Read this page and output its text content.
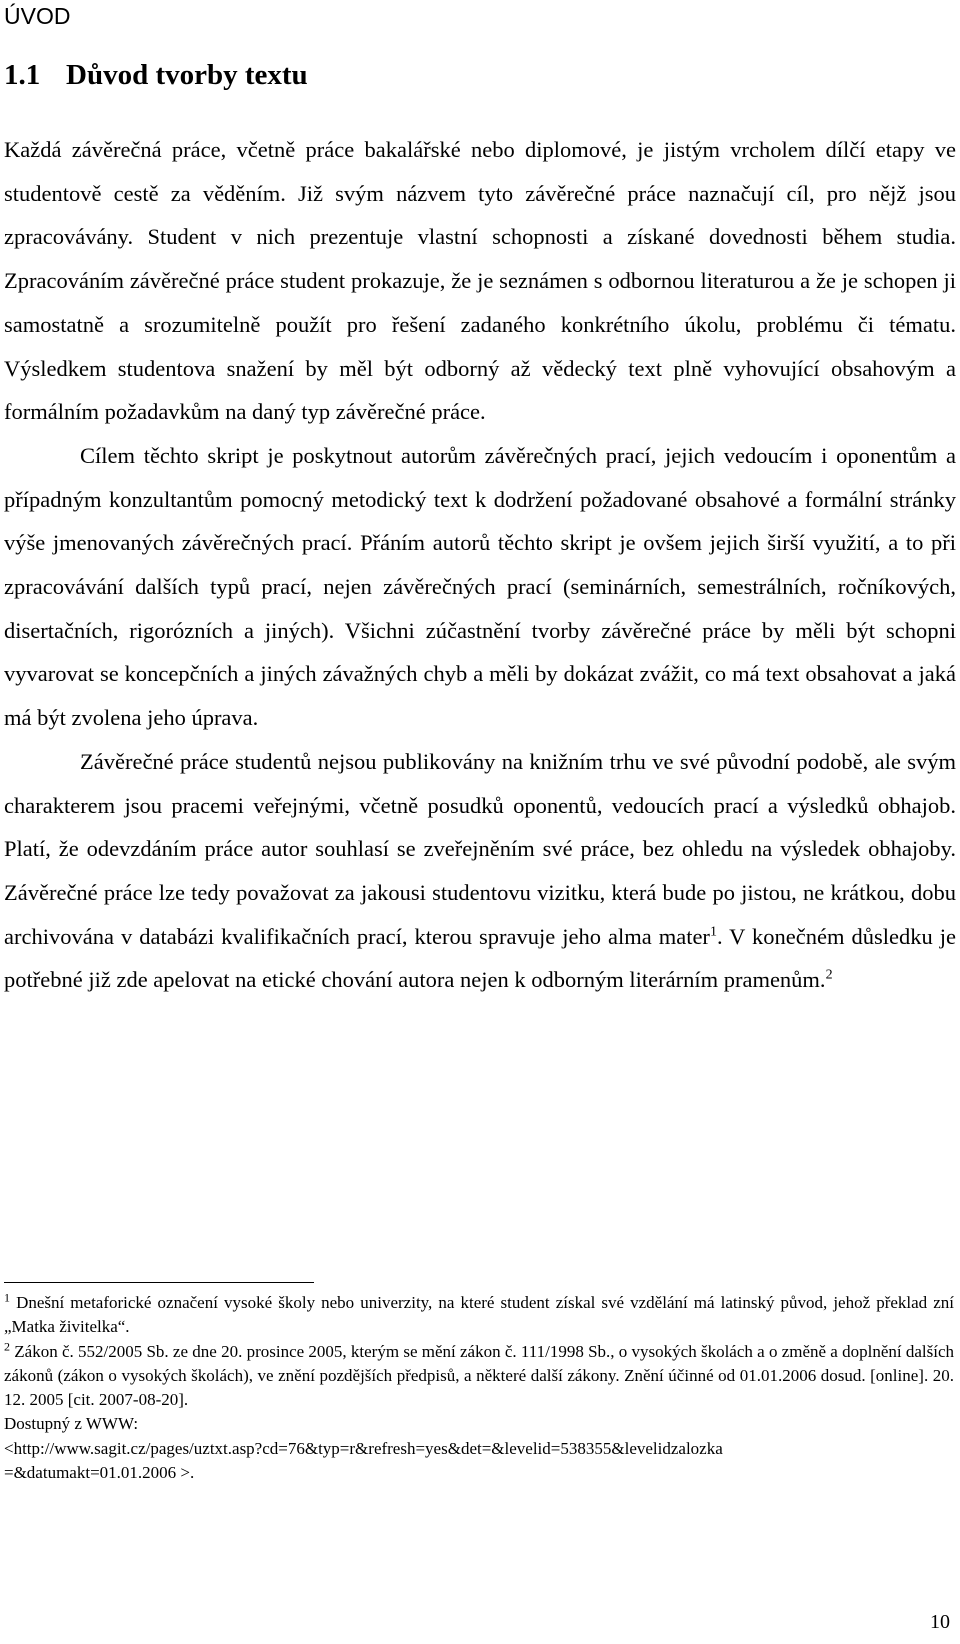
ÚVOD
1.1 Důvod tvorby textu

Každá závěrečná práce, včetně práce bakalářské nebo diplomové, je jistým vrcholem dílčí etapy ve studentově cestě za věděním. Již svým názvem tyto závěrečné práce naznačují cíl, pro nějž jsou zpracovávány. Student v nich prezentuje vlastní schopnosti a získané dovednosti během studia. Zpracováním závěrečné práce student prokazuje, že je seznámen s odbornou literaturou a že je schopen ji samostatně a srozumitelně použít pro řešení zadaného konkrétního úkolu, problému či tématu. Výsledkem studentova snažení by měl být odborný až vědecký text plně vyhovující obsahovým a formálním požadavkům na daný typ závěrečné práce.

Cílem těchto skript je poskytnout autorům závěrečných prací, jejich vedoucím i oponentům a případným konzultantům pomocný metodický text k dodržení požadované obsahové a formální stránky výše jmenovaných závěrečných prací. Přáním autorů těchto skript je ovšem jejich širší využití, a to při zpracovávání dalších typů prací, nejen závěrečných prací (seminárních, semestrálních, ročníkových, disertačních, rigorózních a jiných). Všichni zúčastnění tvorby závěrečné práce by měli být schopni vyvarovat se koncepčních a jiných závažných chyb a měli by dokázat zvážit, co má text obsahovat a jaká má být zvolena jeho úprava.

Závěrečné práce studentů nejsou publikovány na knižním trhu ve své původní podobě, ale svým charakterem jsou pracemi veřejnými, včetně posudků oponentů, vedoucích prací a výsledků obhajob. Platí, že odevzdáním práce autor souhlasí se zveřejněním své práce, bez ohledu na výsledek obhajoby. Závěrečné práce lze tedy považovat za jakousi studentovu vizitku, která bude po jistou, ne krátkou, dobu archivována v databázi kvalifikačních prací, kterou spravuje jeho alma mater$^1$. V konečném důsledku je potřebné již zde apelovat na etické chování autora nejen k odborným literárním pramenům.$^2$

$^1$ Dnešní metaforické označení vysoké školy nebo univerzity, na které student získal své vzdělání má latinský původ, jehož překlad zní „Matka živitelka“.

$^2$ Zákon č. 552/2005 Sb. ze dne 20. prosince 2005, kterým se mění zákon č. 111/1998 Sb., o vysokých školách a o změně a doplnění dalších zákonů (zákon o vysokých školách), ve znění pozdějších předpisů, a některé další zákony. Znění účinné od 01.01.2006 dosud. [online]. 20. 12. 2005 [cit. 2007-08-20].

Dostupný z WWW:

<http://www.sagit.cz/pages/uztxt.asp?cd=76&typ=r&refresh=yes&det=&levelid=538355&levelidzalozka

=&datumakt=01.01.2006 >.

10
